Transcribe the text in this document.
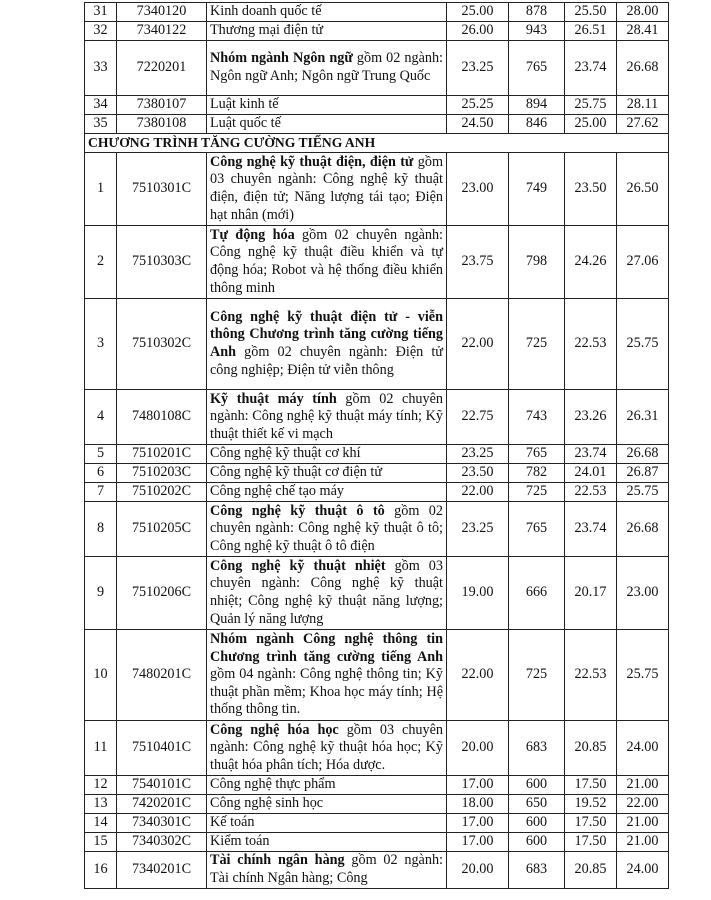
31	7340120	Kinh doanh quốc tế	25.00	878	25.50	28.00
32	7340122	Thương mại điện tử	26.00	943	26.51	28.41
33	7220201	Nhóm ngành Ngôn ngữ gồm 02 ngành: Ngôn ngữ Anh; Ngôn ngữ Trung Quốc	23.25	765	23.74	26.68
34	7380107	Luật kinh tế	25.25	894	25.75	28.11
35	7380108	Luật quốc tế	24.50	846	25.00	27.62
CHƯƠNG TRÌNH TĂNG CƯỜNG TIẾNG ANH						
1	7510301C	Công nghệ kỹ thuật điện, điện tử gồm 03 chuyên ngành: Công nghệ kỹ thuật điện, điện tử; Năng lượng tái tạo; Điện hạt nhân (mới)	23.00	749	23.50	26.50
2	7510303C	Tự động hóa gồm 02 chuyên ngành: Công nghệ kỹ thuật điều khiển và tự động hóa; Robot và hệ thống điều khiển thông minh	23.75	798	24.26	27.06
3	7510302C	Công nghệ kỹ thuật điện tử - viễn thông Chương trình tăng cường tiếng Anh gồm 02 chuyên ngành: Điện tử công nghiệp; Điện tử viễn thông	22.00	725	22.53	25.75
4	7480108C	Kỹ thuật máy tính gồm 02 chuyên ngành: Công nghệ kỹ thuật máy tính; Kỹ thuật thiết kế vi mạch	22.75	743	23.26	26.31
5	7510201C	Công nghệ kỹ thuật cơ khí	23.25	765	23.74	26.68
6	7510203C	Công nghệ kỹ thuật cơ điện tử	23.50	782	24.01	26.87
7	7510202C	Công nghệ chế tạo máy	22.00	725	22.53	25.75
8	7510205C	Công nghệ kỹ thuật ô tô gồm 02 chuyên ngành: Công nghệ kỹ thuật ô tô; Công nghệ kỹ thuật ô tô điện	23.25	765	23.74	26.68
9	7510206C	Công nghệ kỹ thuật nhiệt gồm 03 chuyên ngành: Công nghệ kỹ thuật nhiệt; Công nghệ kỹ thuật năng lượng; Quản lý năng lượng	19.00	666	20.17	23.00
10	7480201C	Nhóm ngành Công nghệ thông tin Chương trình tăng cường tiếng Anh gồm 04 ngành: Công nghệ thông tin; Kỹ thuật phần mềm; Khoa học máy tính; Hệ thống thông tin.	22.00	725	22.53	25.75
11	7510401C	Công nghệ hóa học gồm 03 chuyên ngành: Công nghệ kỹ thuật hóa học; Kỹ thuật hóa phân tích; Hóa dược.	20.00	683	20.85	24.00
12	7540101C	Công nghệ thực phẩm	17.00	600	17.50	21.00
13	7420201C	Công nghệ sinh học	18.00	650	19.52	22.00
14	7340301C	Kế toán	17.00	600	17.50	21.00
15	7340302C	Kiểm toán	17.00	600	17.50	21.00
16	7340201C	Tài chính ngân hàng gồm 02 ngành: Tài chính Ngân hàng; Công	20.00	683	20.85	24.00
